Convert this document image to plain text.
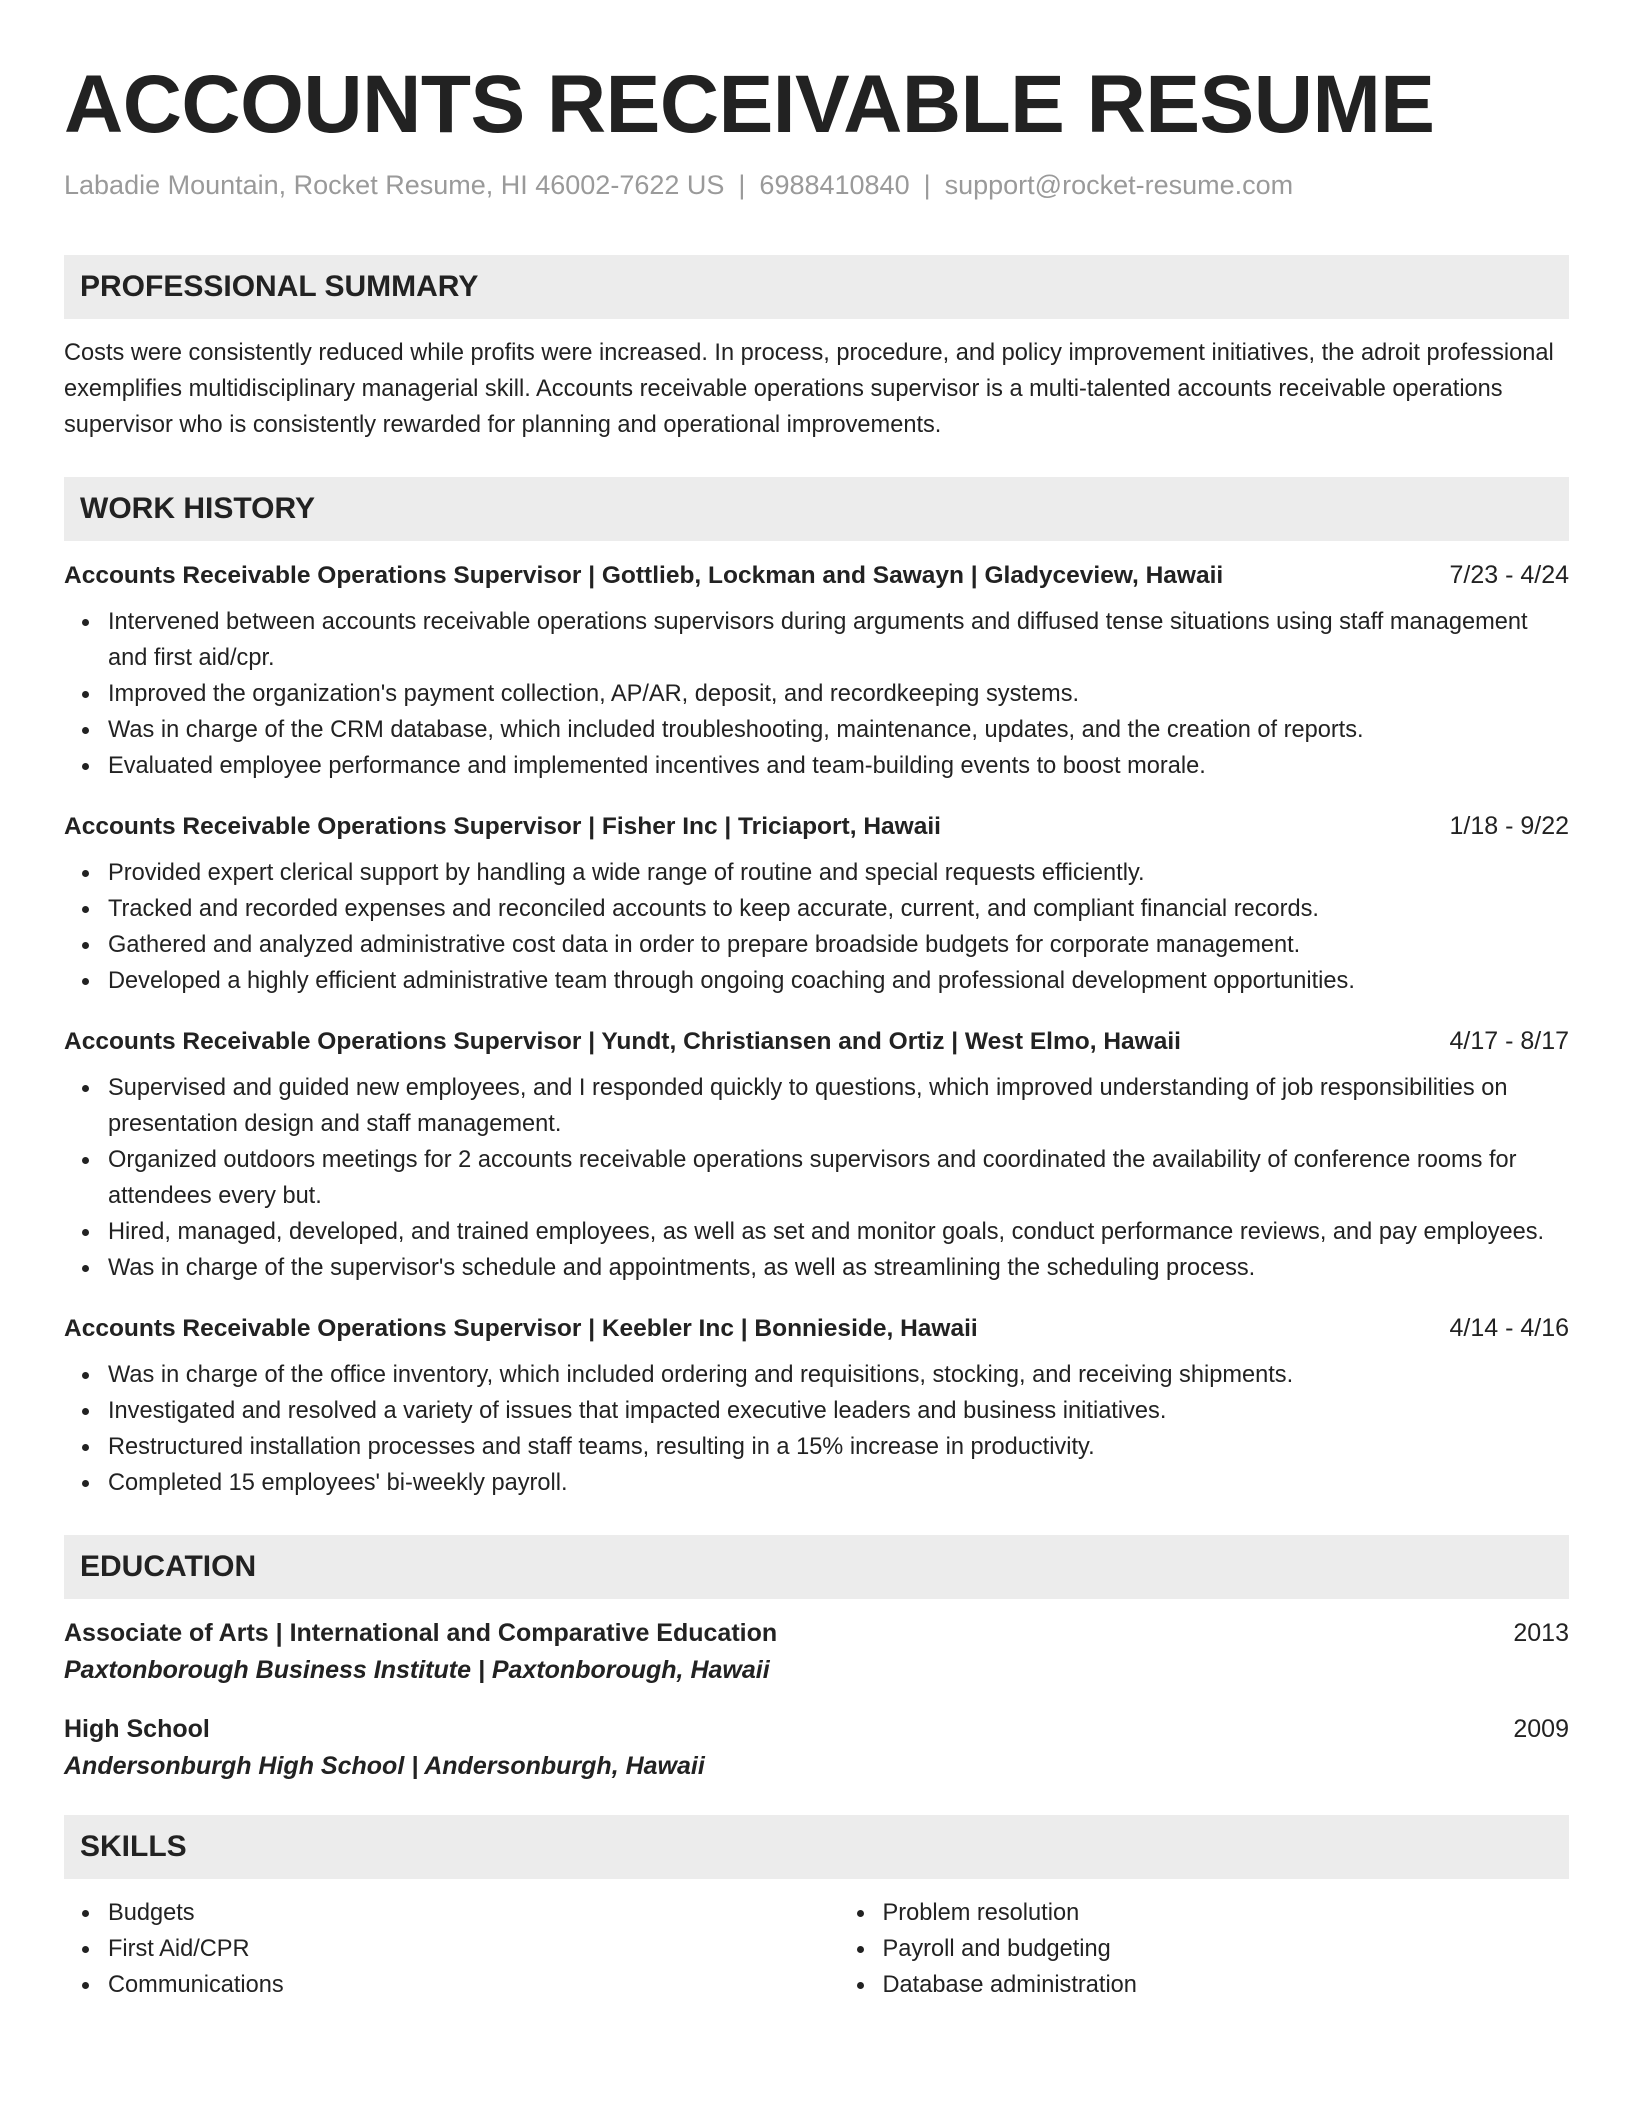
ACCOUNTS RECEIVABLE RESUME
Labadie Mountain, Rocket Resume, HI 46002-7622 US | 6988410840 | support@rocket-resume.com
PROFESSIONAL SUMMARY

Costs were consistently reduced while profits were increased. In process, procedure, and policy improvement initiatives, the adroit professional exemplifies multidisciplinary managerial skill. Accounts receivable operations supervisor is a multi-talented accounts receivable operations supervisor who is consistently rewarded for planning and operational improvements.

WORK HISTORY
Accounts Receivable Operations Supervisor | Gottlieb, Lockman and Sawayn | Gladyceview, Hawaii	7/23 - 4/24
Intervened between accounts receivable operations supervisors during arguments and diffused tense situations using staff management and first aid/cpr.
Improved the organization's payment collection, AP/AR, deposit, and recordkeeping systems.
Was in charge of the CRM database, which included troubleshooting, maintenance, updates, and the creation of reports.
Evaluated employee performance and implemented incentives and team-building events to boost morale.
Accounts Receivable Operations Supervisor | Fisher Inc | Triciaport, Hawaii	1/18 - 9/22
Provided expert clerical support by handling a wide range of routine and special requests efficiently.
Tracked and recorded expenses and reconciled accounts to keep accurate, current, and compliant financial records.
Gathered and analyzed administrative cost data in order to prepare broadside budgets for corporate management.
Developed a highly efficient administrative team through ongoing coaching and professional development opportunities.
Accounts Receivable Operations Supervisor | Yundt, Christiansen and Ortiz | West Elmo, Hawaii	4/17 - 8/17
Supervised and guided new employees, and I responded quickly to questions, which improved understanding of job responsibilities on presentation design and staff management.
Organized outdoors meetings for 2 accounts receivable operations supervisors and coordinated the availability of conference rooms for attendees every but.
Hired, managed, developed, and trained employees, as well as set and monitor goals, conduct performance reviews, and pay employees.
Was in charge of the supervisor's schedule and appointments, as well as streamlining the scheduling process.
Accounts Receivable Operations Supervisor | Keebler Inc | Bonnieside, Hawaii	4/14 - 4/16
Was in charge of the office inventory, which included ordering and requisitions, stocking, and receiving shipments.
Investigated and resolved a variety of issues that impacted executive leaders and business initiatives.
Restructured installation processes and staff teams, resulting in a 15% increase in productivity.
Completed 15 employees' bi-weekly payroll.
EDUCATION
Associate of Arts | International and Comparative Education	2013
Paxtonborough Business Institute | Paxtonborough, Hawaii
High School	2009
Andersonburgh High School | Andersonburgh, Hawaii
SKILLS
Budgets
First Aid/CPR
Communications
Problem resolution
Payroll and budgeting
Database administration
